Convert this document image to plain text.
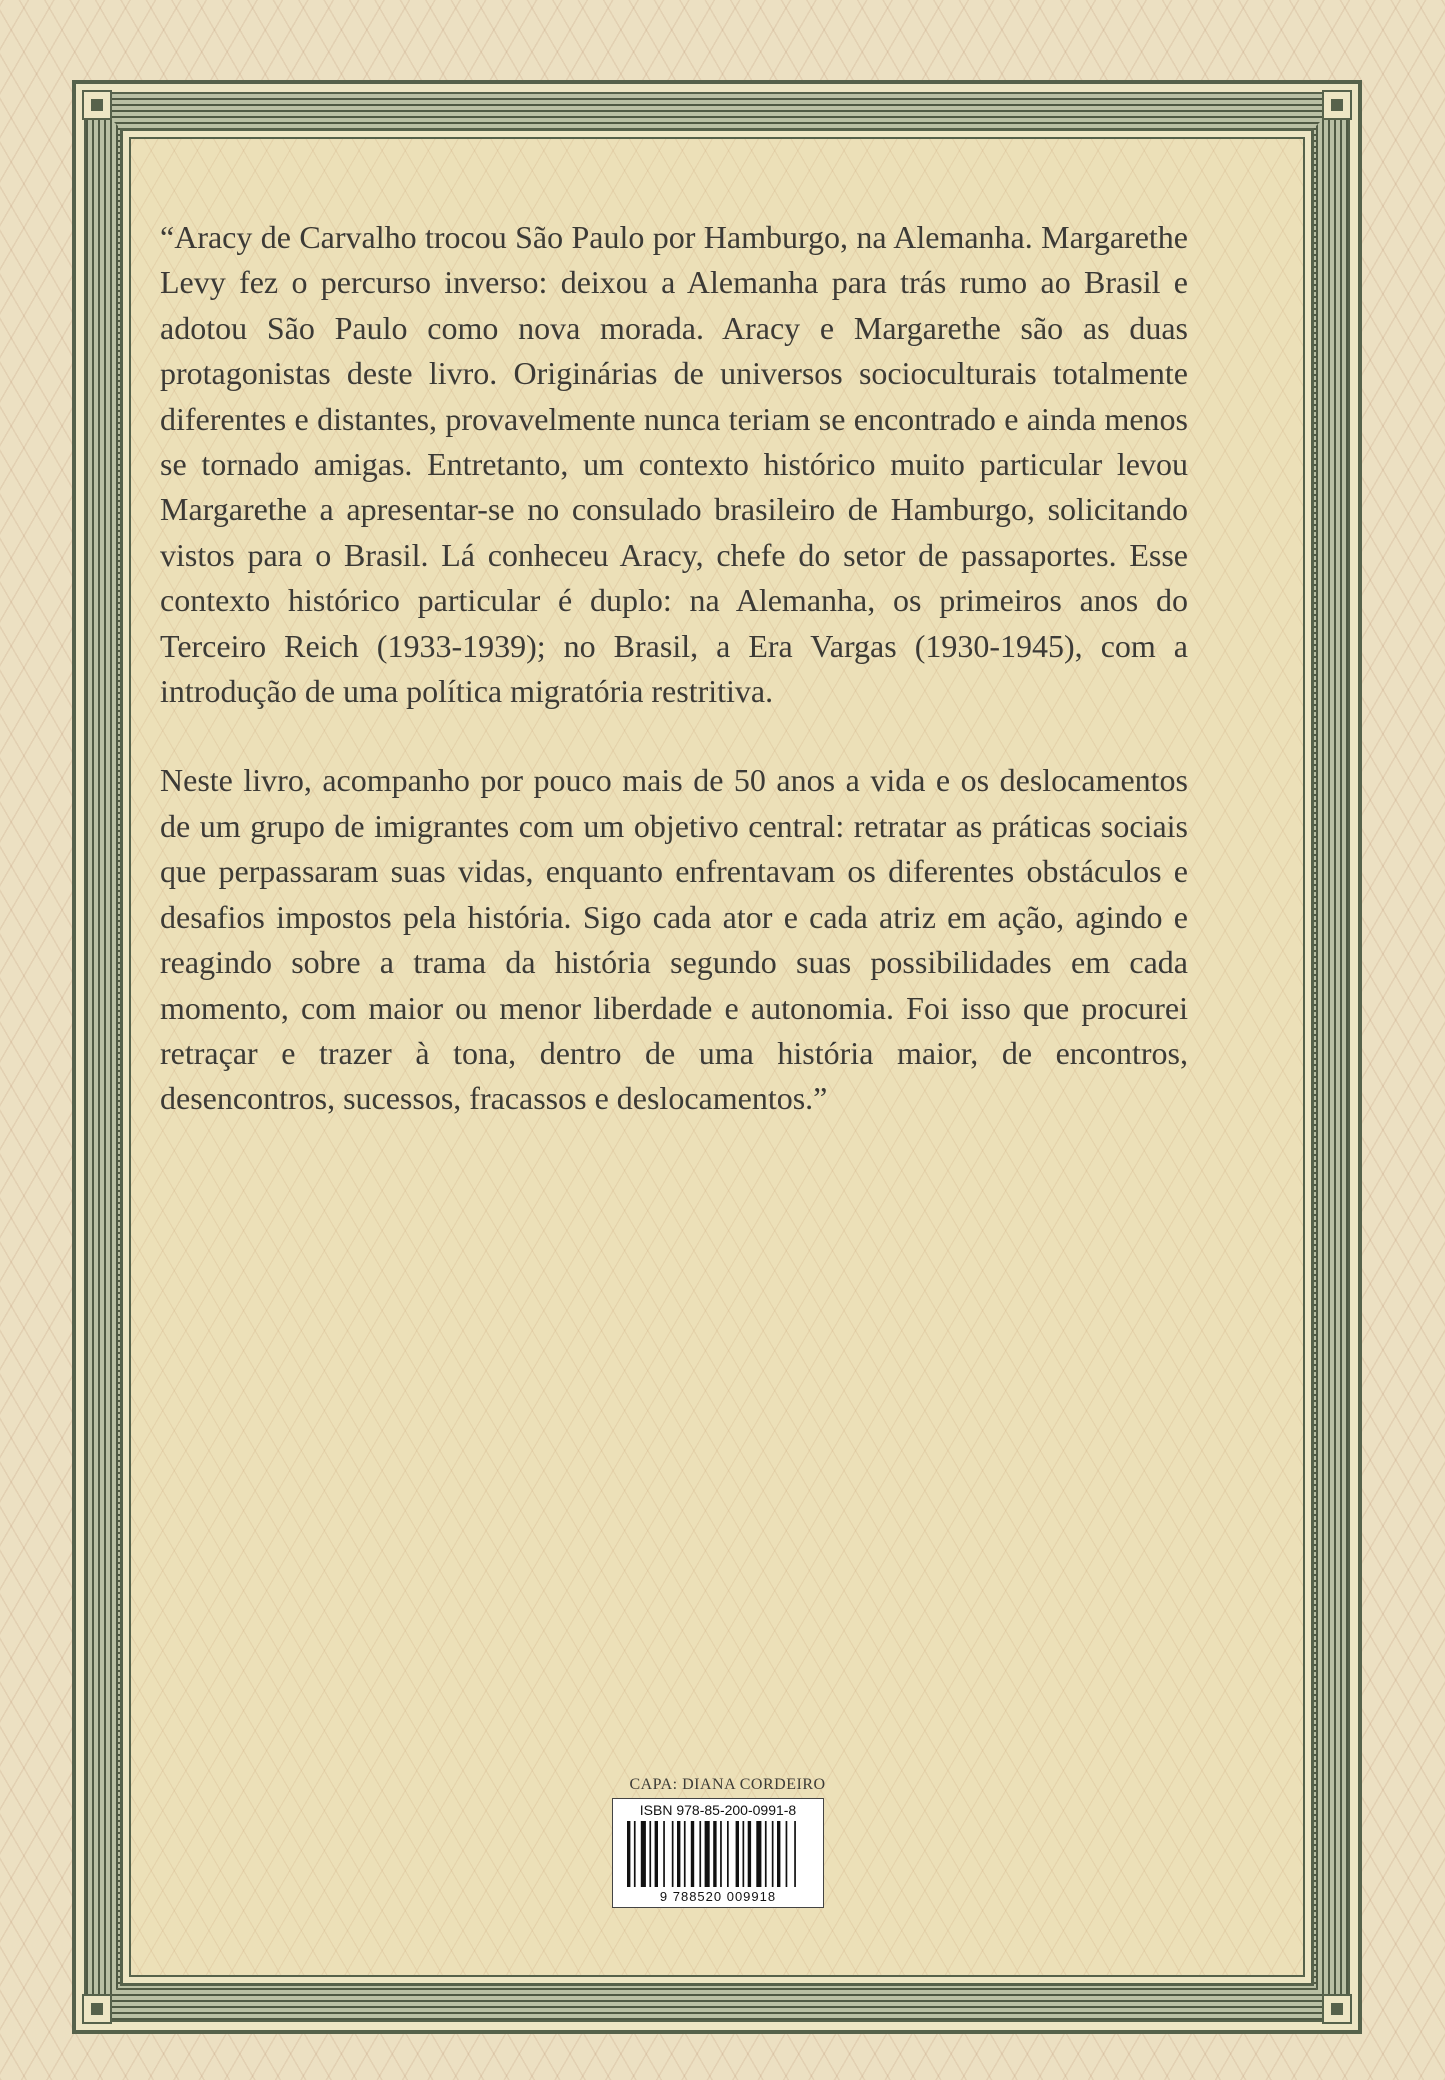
“Aracy de Carvalho trocou São Paulo por Hamburgo, na Alemanha. Margarethe Levy fez o percurso inverso: deixou a Alemanha para trás rumo ao Brasil e adotou São Paulo como nova morada. Aracy e Margarethe são as duas protagonistas deste livro. Originárias de universos socioculturais totalmente diferentes e distantes, provavelmente nunca teriam se encontrado e ainda menos se tornado amigas. Entretanto, um contexto histórico muito particular levou Margarethe a apresentar-se no consulado brasileiro de Hamburgo, solicitando vistos para o Brasil. Lá conheceu Aracy, chefe do setor de passaportes. Esse contexto histórico particular é duplo: na Alemanha, os primeiros anos do Terceiro Reich (1933-1939); no Brasil, a Era Vargas (1930-1945), com a introdução de uma política migratória restritiva.

Neste livro, acompanho por pouco mais de 50 anos a vida e os deslocamentos de um grupo de imigrantes com um objetivo central: retratar as práticas sociais que perpassaram suas vidas, enquanto enfrentavam os diferentes obstáculos e desafios impostos pela história. Sigo cada ator e cada atriz em ação, agindo e reagindo sobre a trama da história segundo suas possibilidades em cada momento, com maior ou menor liberdade e autonomia. Foi isso que procurei retraçar e trazer à tona, dentro de uma história maior, de encontros, desencontros, sucessos, fracassos e deslocamentos.”

CAPA: DIANA CORDEIRO
ISBN 978-85-200-0991-8
9 788520 009918
